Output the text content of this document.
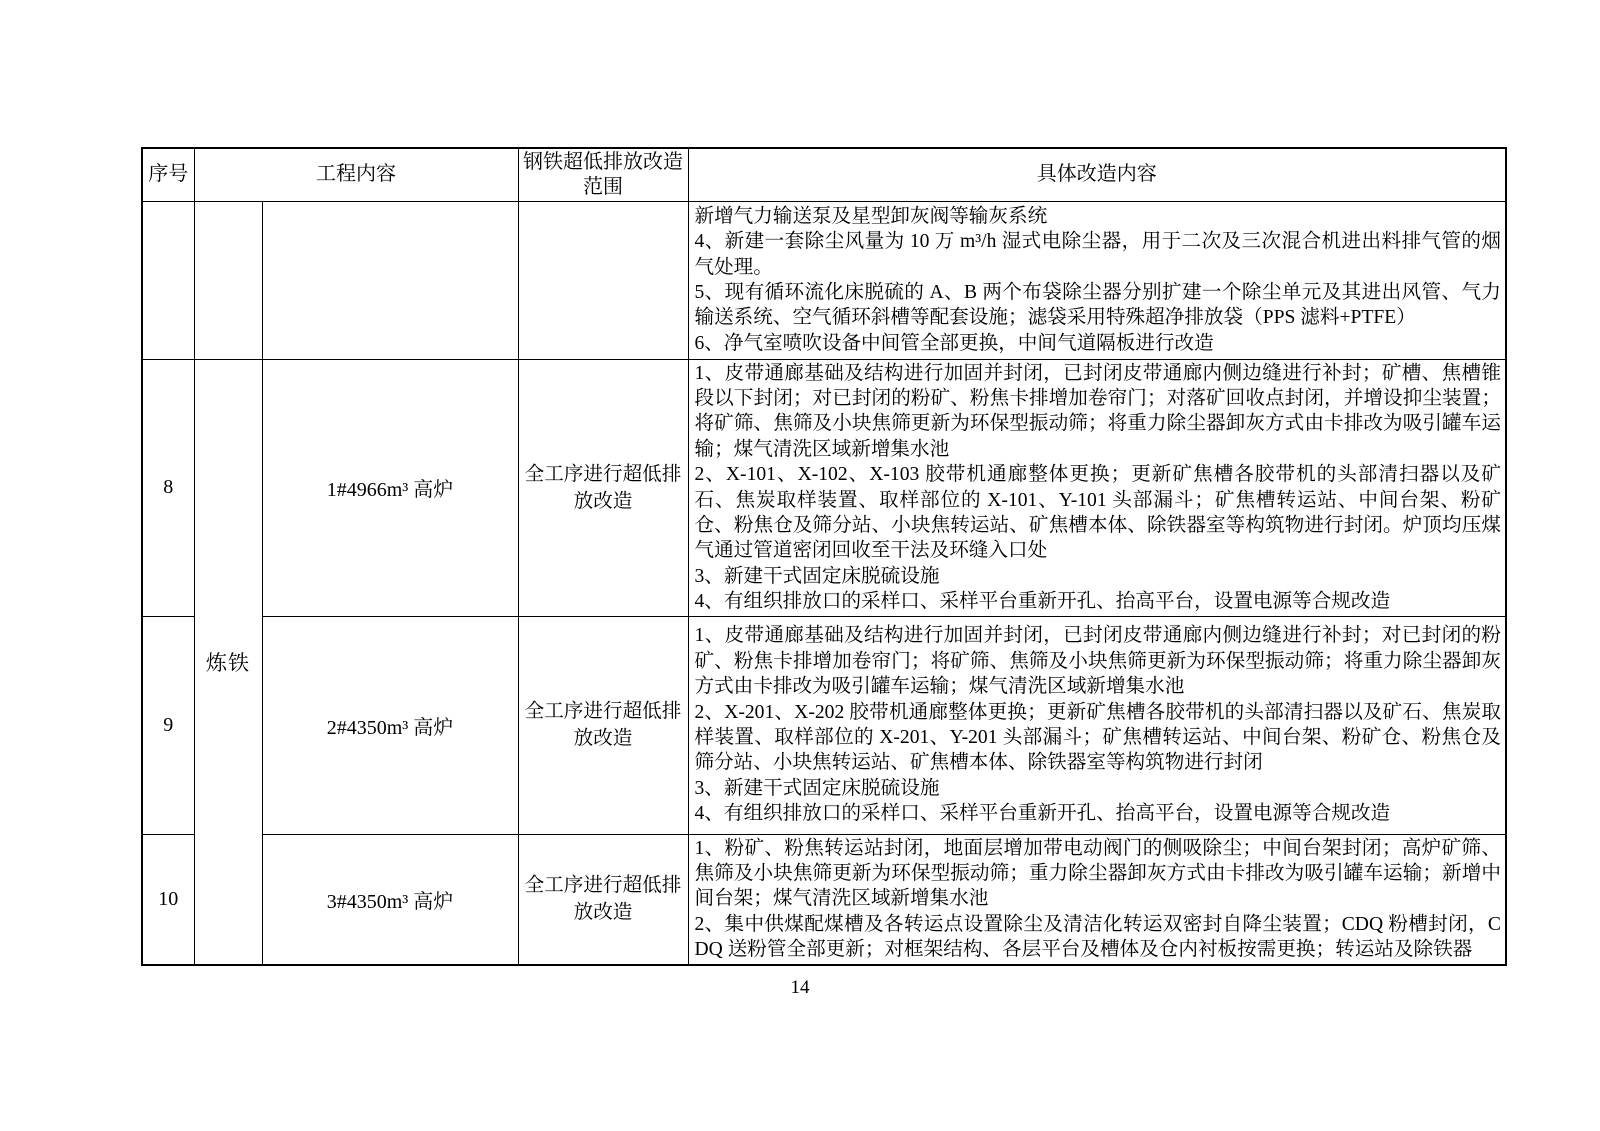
序号	工程内容		钢铁超低排放改造范围	具体改造内容

				新增气力输送泵及星型卸灰阀等输灰系统

4、新建一套除尘风量为 10 万 m³/h 湿式电除尘器，用于二次及三次混合机进出料排气管的烟气处理。

5、现有循环流化床脱硫的 A、B 两个布袋除尘器分别扩建一个除尘单元及其进出风管、气力输送系统、空气循环斜槽等配套设施；滤袋采用特殊超净排放袋（PPS 滤料+PTFE）

6、净气室喷吹设备中间管全部更换，中间气道隔板进行改造

8	炼铁	1#4966m³ 高炉	全工序进行超低排放改造	1、皮带通廊基础及结构进行加固并封闭，已封闭皮带通廊内侧边缝进行补封；矿槽、焦槽锥段以下封闭；对已封闭的粉矿、粉焦卡排增加卷帘门；对落矿回收点封闭，并增设抑尘装置；将矿筛、焦筛及小块焦筛更新为环保型振动筛；将重力除尘器卸灰方式由卡排改为吸引罐车运输；煤气清洗区域新增集水池

2、X-101、X-102、X-103 胶带机通廊整体更换；更新矿焦槽各胶带机的头部清扫器以及矿石、焦炭取样装置、取样部位的 X-101、Y-101 头部漏斗；矿焦槽转运站、中间台架、粉矿仓、粉焦仓及筛分站、小块焦转运站、矿焦槽本体、除铁器室等构筑物进行封闭。炉顶均压煤气通过管道密闭回收至干法及环缝入口处

3、新建干式固定床脱硫设施

4、有组织排放口的采样口、采样平台重新开孔、抬高平台，设置电源等合规改造

9		2#4350m³ 高炉	全工序进行超低排放改造	1、皮带通廊基础及结构进行加固并封闭，已封闭皮带通廊内侧边缝进行补封；对已封闭的粉矿、粉焦卡排增加卷帘门；将矿筛、焦筛及小块焦筛更新为环保型振动筛；将重力除尘器卸灰方式由卡排改为吸引罐车运输；煤气清洗区域新增集水池

2、X-201、X-202 胶带机通廊整体更换；更新矿焦槽各胶带机的头部清扫器以及矿石、焦炭取样装置、取样部位的 X-201、Y-201 头部漏斗；矿焦槽转运站、中间台架、粉矿仓、粉焦仓及筛分站、小块焦转运站、矿焦槽本体、除铁器室等构筑物进行封闭

3、新建干式固定床脱硫设施

4、有组织排放口的采样口、采样平台重新开孔、抬高平台，设置电源等合规改造

10		3#4350m³ 高炉	全工序进行超低排放改造	1、粉矿、粉焦转运站封闭，地面层增加带电动阀门的侧吸除尘；中间台架封闭；高炉矿筛、焦筛及小块焦筛更新为环保型振动筛；重力除尘器卸灰方式由卡排改为吸引罐车运输；新增中间台架；煤气清洗区域新增集水池

2、集中供煤配煤槽及各转运点设置除尘及清洁化转运双密封自降尘装置；CDQ 粉槽封闭，CDQ 送粉管全部更新；对框架结构、各层平台及槽体及仓内衬板按需更换；转运站及除铁器

14
